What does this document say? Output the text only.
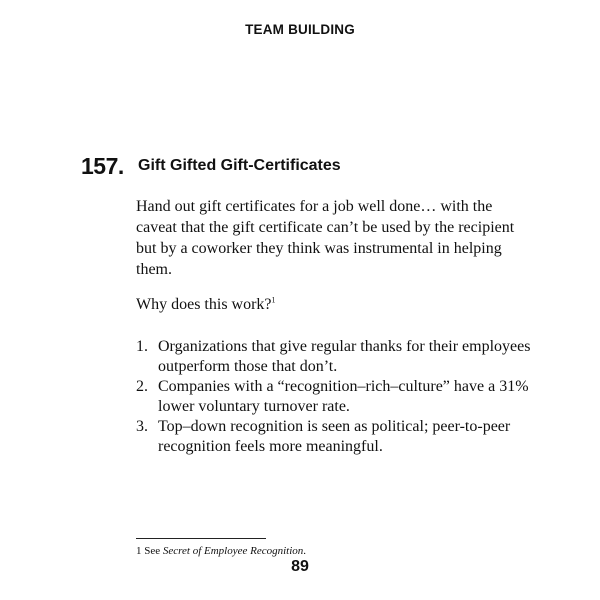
TEAM BUILDING
157. Gift Gifted Gift-Certificates

Hand out gift certificates for a job well done… with the caveat that the gift certificate can’t be used by the recipient but by a coworker they think was instrumental in helping them.

Why does this work?$^1$

1. Organizations that give regular thanks for their employees outperform those that don’t.
2. Companies with a “recognition–rich–culture” have a 31% lower voluntary turnover rate.
3. Top–down recognition is seen as political; peer-to-peer recognition feels more meaningful.
1 See Secret of Employee Recognition.
89
